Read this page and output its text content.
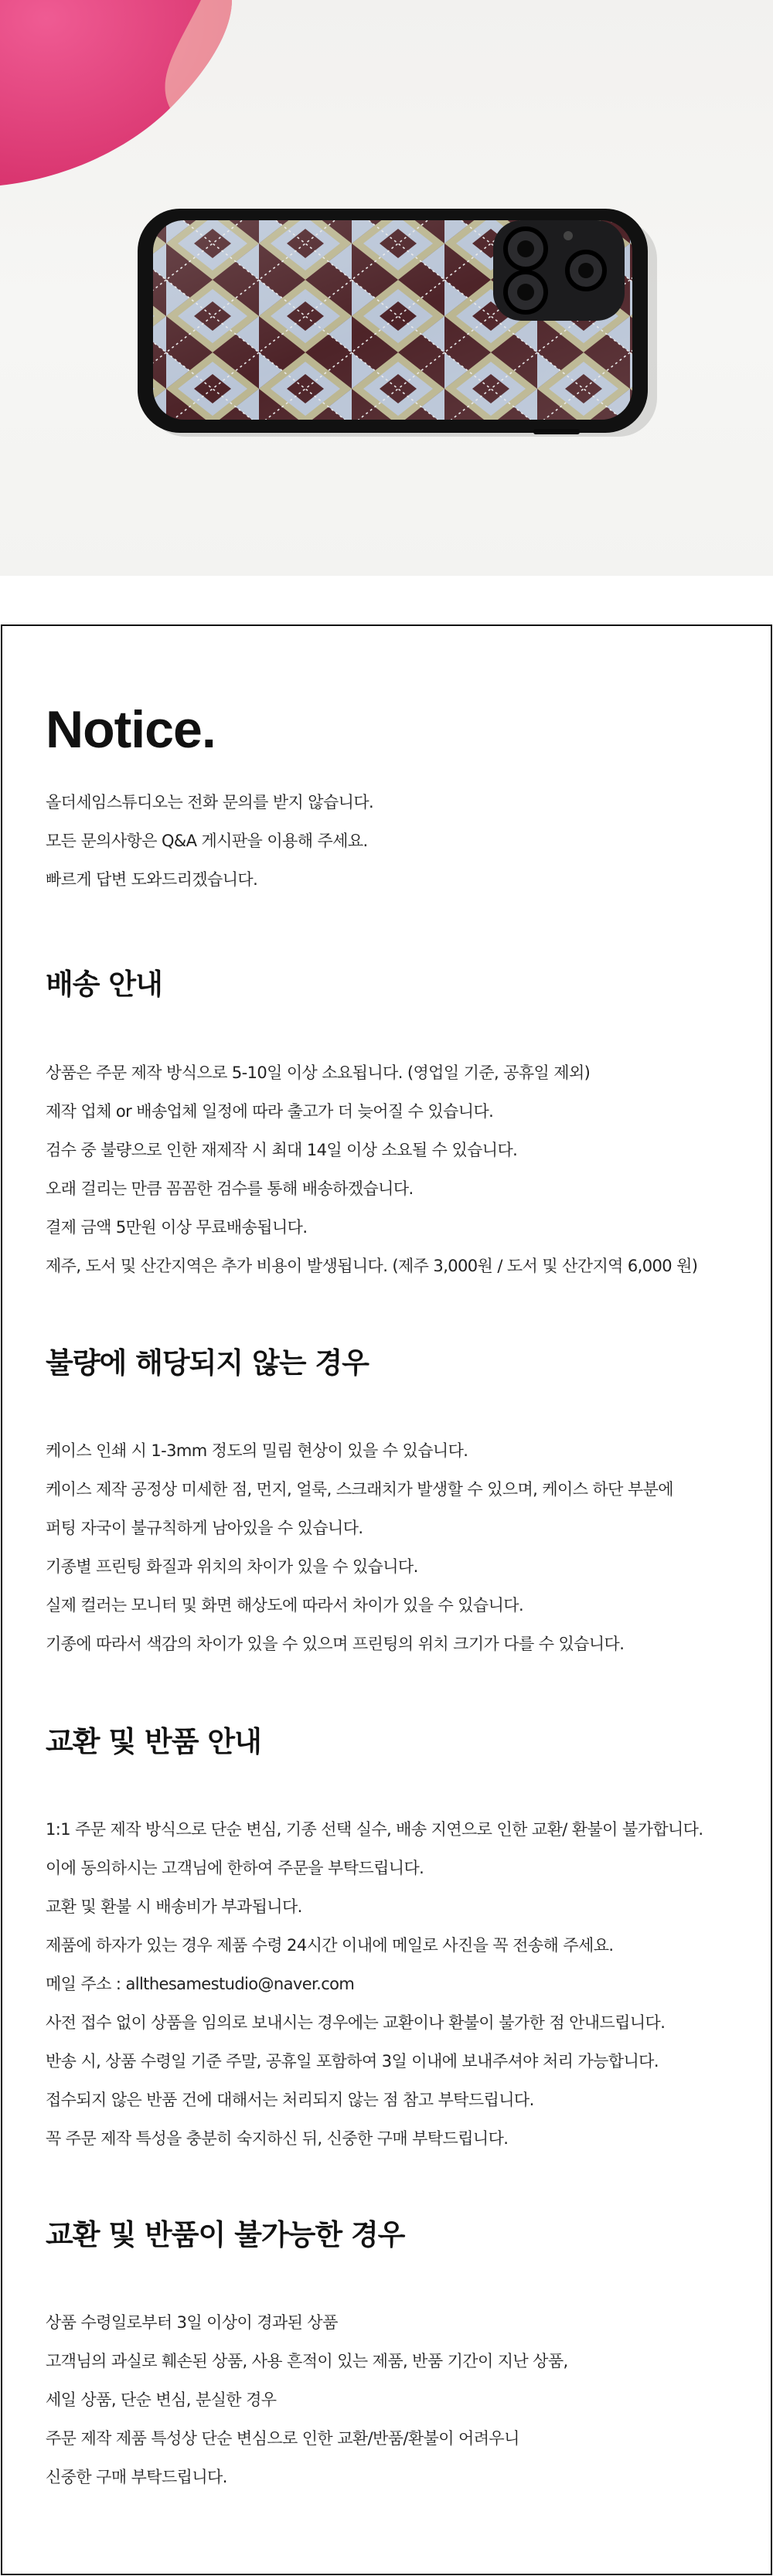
Notice.
올더세임스튜디오는 전화 문의를 받지 않습니다.
모든 문의사항은 Q&A 게시판을 이용해 주세요.
빠르게 답변 도와드리겠습니다.
배송 안내
상품은 주문 제작 방식으로 5-10일 이상 소요됩니다. (영업일 기준, 공휴일 제외)
제작 업체 or 배송업체 일정에 따라 출고가 더 늦어질 수 있습니다.
검수 중 불량으로 인한 재제작 시 최대 14일 이상 소요될 수 있습니다.
오래 걸리는 만큼 꼼꼼한 검수를 통해 배송하겠습니다.
결제 금액 5만원 이상 무료배송됩니다.
제주, 도서 및 산간지역은 추가 비용이 발생됩니다. (제주 3,000원 / 도서 및 산간지역 6,000 원)
불량에 해당되지 않는 경우
케이스 인쇄 시 1-3mm 정도의 밀림 현상이 있을 수 있습니다.
케이스 제작 공정상 미세한 점, 먼지, 얼룩, 스크래치가 발생할 수 있으며, 케이스 하단 부분에
퍼팅 자국이 불규칙하게 남아있을 수 있습니다.
기종별 프린팅 화질과 위치의 차이가 있을 수 있습니다.
실제 컬러는 모니터 및 화면 해상도에 따라서 차이가 있을 수 있습니다.
기종에 따라서 색감의 차이가 있을 수 있으며 프린팅의 위치 크기가 다를 수 있습니다.
교환 및 반품 안내
1:1 주문 제작 방식으로 단순 변심, 기종 선택 실수, 배송 지연으로 인한 교환/ 환불이 불가합니다.
이에 동의하시는 고객님에 한하여 주문을 부탁드립니다.
교환 및 환불 시 배송비가 부과됩니다.
제품에 하자가 있는 경우 제품 수령 24시간 이내에 메일로 사진을 꼭 전송해 주세요.
메일 주소 : allthesamestudio@naver.com
사전 접수 없이 상품을 임의로 보내시는 경우에는 교환이나 환불이 불가한 점 안내드립니다.
반송 시, 상품 수령일 기준 주말, 공휴일 포함하여 3일 이내에 보내주셔야 처리 가능합니다.
접수되지 않은 반품 건에 대해서는 처리되지 않는 점 참고 부탁드립니다.
꼭 주문 제작 특성을 충분히 숙지하신 뒤, 신중한 구매 부탁드립니다.
교환 및 반품이 불가능한 경우
상품 수령일로부터 3일 이상이 경과된 상품
고객님의 과실로 훼손된 상품, 사용 흔적이 있는 제품, 반품 기간이 지난 상품,
세일 상품, 단순 변심, 분실한 경우
주문 제작 제품 특성상 단순 변심으로 인한 교환/반품/환불이 어려우니
신중한 구매 부탁드립니다.
